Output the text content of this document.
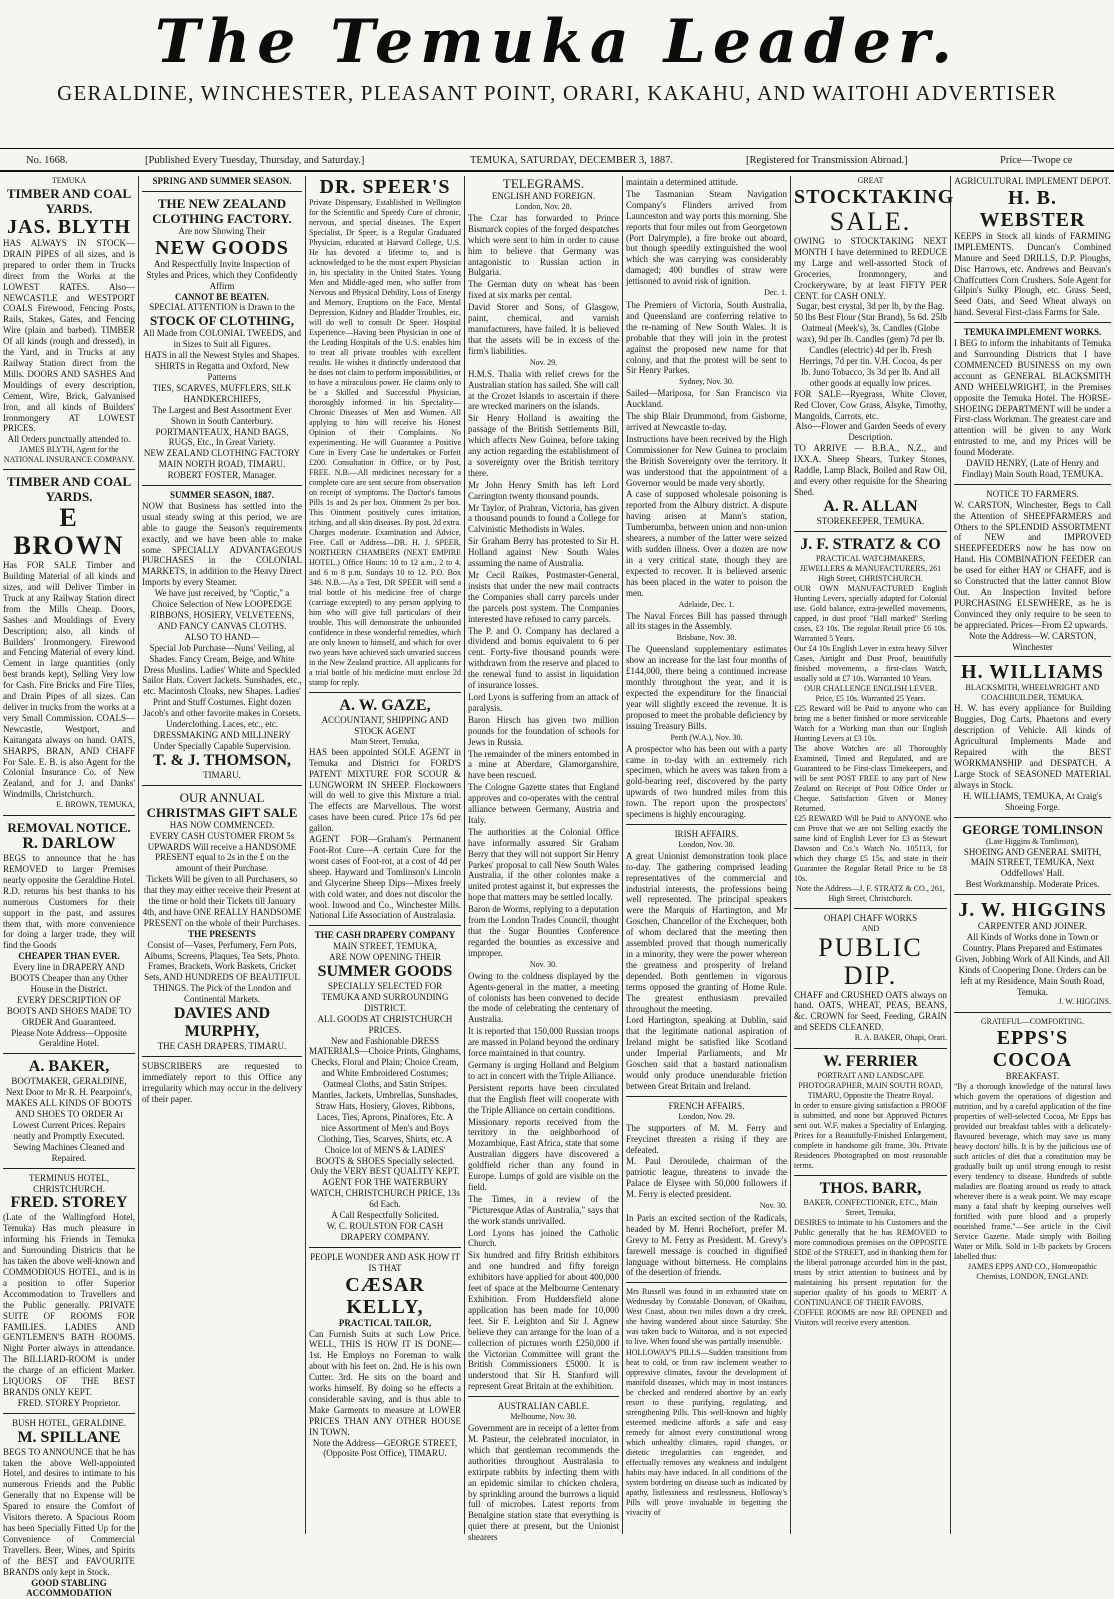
The Temuka Leader.
GERALDINE, WINCHESTER, PLEASANT POINT, ORARI, KAKAHU, AND WAITOHI ADVERTISER
No. 1668.	[Published Every Tuesday, Thursday, and Saturday.]	TEMUKA, SATURDAY, DECEMBER 3, 1887.	[Registered for Transmission Abroad.]	Price—Twope ce
TEMUKA
TIMBER AND COAL YARDS.
JAS. BLYTH
HAS ALWAYS IN STOCK—DRAIN PIPES of all sizes, and is prepared to order them in Trucks direct from the Works at the LOWEST RATES. Also—NEWCASTLE and WESTPORT COALS Firewood, Fencing Posts, Rails, Stakes, Gates, and Fencing Wire (plain and barbed). TIMBER Of all kinds (rough and dressed), in the Yard, and in Trucks at any Railway Station direct from the Mills. DOORS AND SASHES And Mouldings of every description, Cement, Wire, Brick, Galvanised Iron, and all kinds of Builders' Ironmongery AT LOWEST PRICES.
All Orders punctually attended to.
JAMES BLYTH, Agent for the NATIONAL INSURANCE COMPANY.
TIMBER AND COAL YARDS.
E BROWN
Has FOR SALE Timber and Building Material of all kinds and sizes, and will Deliver Timber in Truck at any Railway Station direct from the Mills Cheap. Doors, Sashes and Mouldings of Every Description; also, all kinds of Builders' Ironmongery. Firewood and Fencing Material of every kind. Cement in large quantities (only best brands kept), Selling Very low for Cash. Fire Bricks and Fire Tiles, and Drain Pipes of all sizes. Can deliver in trucks from the works at a very Small Commission. COALS—Newcastle, Westport, and Kaitangata always on hand. OATS, SHARPS, BRAN, AND CHAFF For Sale. E. B. is also Agent for the Colonial Insurance Co. of New Zealand, and for J. and Danks' Windmills, Christchurch.
E. BROWN, TEMUKA,
REMOVAL NOTICE.
R. DARLOW
BEGS to announce that he has REMOVED to larger Premises nearly opposite the Geraldine Hotel. R.D. returns his best thanks to his numerous Customers for their support in the past, and assures them that, with more convenience for doing a larger trade, they will find the Goods
CHEAPER THAN EVER.
Every line in DRAPERY AND BOOTS Cheaper than any Other House in the District.
EVERY DESCRIPTION OF BOOTS AND SHOES MADE TO ORDER And Guaranteed.
Please Note Address—Opposite Geraldine Hotel.
A. BAKER,
BOOTMAKER, GERALDINE, Next Door to Mr R. H. Pearpoint's, MAKES ALL KINDS OF BOOTS AND SHOES TO ORDER At Lowest Current Prices. Repairs neatly and Promptly Executed. Sewing Machines Cleaned and Repaired.
TERMINUS HOTEL, CHRISTCHURCH.
FRED. STOREY
(Late of the Wallingford Hotel, Temuka) Has much pleasure in informing his Friends in Temuka and Surrounding Districts that he has taken the above well-known and COMMODIOUS HOTEL, and is in a position to offer Superior Accommodation to Travellers and the Public generally. PRIVATE SUITE OF ROOMS FOR FAMILIES. LADIES AND GENTLEMEN'S BATH ROOMS. Night Porter always in attendance. The BILLIARD-ROOM is under the charge of an efficient Marker. LIQUORS OF THE BEST BRANDS ONLY KEPT.
FRED. STOREY Proprietor.
BUSH HOTEL, GERALDINE.
M. SPILLANE
BEGS TO ANNOUNCE that he has taken the above Well-appointed Hotel, and desires to intimate to his numerous Friends and the Public Generally that no Expense will be Spared to ensure the Comfort of Visitors thereto. A Spacious Room has been Specially Fitted Up for the Convenience of Commercial Travellers. Beer, Wines, and Spirits of the BEST and FAVOURITE BRANDS only kept in Stock.
GOOD STABLING ACCOMMODATION
SPRING AND SUMMER SEASON.
THE NEW ZEALAND CLOTHING FACTORY.
Are now Showing Their
NEW GOODS
And Respectfully Invite Inspection of Styles and Prices, which they Confidently Affirm
CANNOT BE BEATEN.
SPECIAL ATTENTION is Drawn to the
STOCK OF CLOTHING,
All Made from COLONIAL TWEEDS, and in Sizes to Suit all Figures.
HATS in all the Newest Styles and Shapes.
SHIRTS in Regatta and Oxford, New Patterns
TIES, SCARVES, MUFFLERS, SILK HANDKERCHIEFS,
The Largest and Best Assortment Ever Shown in South Canterbury.
PORTMANTEAUX, HAND BAGS, RUGS, Etc., In Great Variety.
NEW ZEALAND CLOTHING FACTORY
MAIN NORTH ROAD, TIMARU.
ROBERT FOSTER, Manager.
SUMMER SEASON, 1887.
NOW that Business has settled into the usual steady swing at this period, we are able to gauge the Season's requirements exactly, and we have been able to make some SPECIALLY ADVANTAGEOUS PURCHASES in the COLONIAL MARKETS, in addition to the Heavy Direct Imports by every Steamer.
We have just received, by "Coptic," a Choice Selection of New LOOPEDGE RIBBONS, HOSIERY, VELVETEENS, AND FANCY CANVAS CLOTHS.
ALSO TO HAND—
Special Job Purchase—Nuns' Veiling, al Shades. Fancy Cream, Beige, and White Dress Muslins. Ladies' White and Speckled Sailor Hats. Covert Jackets. Sunshades, etc., etc. Macintosh Cloaks, new Shapes. Ladies' Print and Stuff Costumes. Eight dozen Jacob's and other favorite makes in Corsets. Underclothing. Laces, etc., etc.
DRESSMAKING AND MILLINERY Under Specially Capable Supervision.
T. & J. THOMSON,
TIMARU.
OUR ANNUAL
CHRISTMAS GIFT SALE
HAS NOW COMMENCED.
EVERY CASH CUSTOMER FROM 5s UPWARDS Will receive a HANDSOME PRESENT equal to 2s in the £ on the amount of their Purchase.
Tickets Will be given to all Purchasers, so that they may either receive their Present at the time or hold their Tickets till January 4th, and have ONE REALLY HANDSOME PRESENT on the whole of their Purchases.
THE PRESENTS
Consist of—Vases, Perfumery, Fern Pots, Albums, Screens, Plaques, Tea Sets, Photo. Frames, Brackets, Work Baskets, Cricket Sets, AND HUNDREDS OF BEAUTIFUL THINGS. The Pick of the London and Continental Markets.
DAVIES AND MURPHY,
THE CASH DRAPERS, TIMARU.
SUBSCRIBERS are requested to immediately report to this Office any irregularity which may occur in the delivery of their paper.
DR. SPEER'S
Private Dispensary, Established in Wellington for the Scientific and Speedy Cure of chronic, nervous, and special diseases. The Expert Specialist, Dr Speer, is a Regular Graduated Physician, educated at Harvard College, U.S. He has devoted a lifetime to, and is acknowledged to be the most expert Physician in, his speciality in the United States. Young Men and Middle-aged men, who suffer from Nervous and Physical Debility, Loss of Energy and Memory, Eruptions on the Face, Mental Depression, Kidney and Bladder Troubles, etc, will do well to consult Dr Speer. Hospital Experience—Having been Physician in one of the Leading Hospitals of the U.S. enables him to treat all private troubles with excellent results. He wishes it distinctly understood that he does not claim to perform impossibilities, or to have a miraculous power. He claims only to be a Skilled and Successful Physician, thoroughly informed in his Speciality—Chronic Diseases of Men and Women. All applying to him will receive his Honest Opinion of their Complaints. No experimenting. He will Guarantee a Positive Cure in Every Case he undertakes or Forfeit £200. Consultation in Office, or by Post, FREE. N.B.—All medicines necessary for a complete cure are sent secure from observation on receipt of symptoms. The Doctor's famous Pills 1s and 2s per box. Ointment 2s per box. This Ointment positively cures irritation, itching, and all skin diseases. By post, 2d extra. Charges moderate. Examination and Advice, Free. Call or Address—DR. H. J. SPEER, NORTHERN CHAMBERS (NEXT EMPIRE HOTEL.) Office Hours: 10 to 12 a.m., 2 to 4, and 6 to 8 p.m. Sundays 10 to 12. P.O. Box 346. N.B.—As a Test, DR SPEER will send a trial bottle of his medicine free of charge (carriage excepted) to any person applying to him who will give full particulars of their trouble. This will demonstrate the unbounded confidence in these wonderful remedies, which are only known to himself, and which for over two years have achieved such unvaried success in the New Zealand practice. All applicants for a trial bottle of his medicine must enclose 2d stamp for reply.
A. W. GAZE,
ACCOUNTANT, SHIPPING AND STOCK AGENT
Main Street, Temuka,
HAS been appointed SOLE AGENT in Temuka and District for FORD'S PATENT MIXTURE FOR SCOUR & LUNGWORM IN SHEEP. Flockowners will do well to give this Mixture a trial. The effects are Marvellous. The worst cases have been cured. Price 17s 6d per gallon.
AGENT FOR—Graham's Permanent Foot-Rot Cure—A certain Cure for the worst cases of Foot-rot, at a cost of 4d per sheep. Hayward and Tomlinson's Lincoln and Glycerine Sheep Dips—Mixes freely with cold water, and does not discolor the wool. Inwood and Co., Winchester Mills. National Life Association of Australasia.
THE CASH DRAPERY COMPANY
MAIN STREET, TEMUKA,
ARE NOW OPENING THEIR
SUMMER GOODS
SPECIALLY SELECTED FOR TEMUKA AND SURROUNDING DISTRICT.
ALL GOODS AT CHRISTCHURCH PRICES.
New and Fashionable DRESS MATERIALS—Choice Prints, Ginghams, Checks, Floral and Plain; Choice Cream, and White Embroidered Costumes; Oatmeal Cloths, and Satin Stripes. Mantles, Jackets, Umbrellas, Sunshades, Straw Hats, Hosiery, Gloves, Ribbons, Laces, Ties, Aprons, Pinafores, Etc. A nice Assortment of Men's and Boys Clothing, Ties, Scarves, Shirts, etc. A Choice lot of MEN'S & LADIES' BOOTS & SHOES Specially selected. Only the VERY BEST QUALITY KEPT.
AGENT FOR THE WATERBURY WATCH, CHRISTCHURCH PRICE, 13s 6d Each.
A Call Respectfully Solicited.
W. C. ROULSTON FOR CASH DRAPERY COMPANY.
PEOPLE WONDER AND ASK HOW IT IS THAT
CÆSAR KELLY,
PRACTICAL TAILOR,
Can Furnish Suits at such Low Price. WELL, THIS IS HOW IT IS DONE—1st. He Employs no Foreman to walk about with his feet on. 2nd. He is his own Cutter. 3rd. He sits on the board and works himself. By doing so he effects a considerable saving, and is thus able to Make Garments to measure at LOWER PRICES THAN ANY OTHER HOUSE IN TOWN.
Note the Address—GEORGE STREET, (Opposite Post Office), TIMARU.
TELEGRAMS.
ENGLISH AND FOREIGN.
London, Nov. 28.

The Czar has forwarded to Prince Bismarck copies of the forged despatches which were sent to him in order to cause him to believe that Germany was antagonistic to Russian action in Bulgaria.

The German duty on wheat has been fixed at six marks per cental.

David Storer and Sons, of Glasgow, paint, chemical, and varnish manufacturers, have failed. It is believed that the assets will be in excess of the firm's liabilities.

Nov. 29.

H.M.S. Thalia with relief crews for the Australian station has sailed. She will call at the Crozet Islands to ascertain if there are wrecked mariners on the islands.

Sir Henry Holland is awaiting the passage of the British Settlements Bill, which affects New Guinea, before taking any action regarding the establishment of a sovereignty over the British territory there.

Mr John Henry Smith has left Lord Carrington twenty thousand pounds.

Mr Taylor, of Prahran, Victoria, has given a thousand pounds to found a College for Calvinistic Methodists in Wales.

Sir Graham Berry has protested to Sir H. Holland against New South Wales assuming the name of Australia.

Mr Cecil Raikes, Postmaster-General, insists that under the new mail contracts the Companies shall carry parcels under the parcels post system. The Companies interested have refused to carry parcels.

The P. and O. Company has declared a dividend and bonus equivalent to 6 per cent. Forty-five thousand pounds were withdrawn from the reserve and placed to the renewal fund to assist in liquidation of insurance losses.

Lord Lyons is suffering from an attack of paralysis.

Baron Hirsch has given two million pounds for the foundation of schools for Jews in Russia.

The remainder of the miners entombed in a mine at Aberdare, Glamorganshire, have been rescued.

The Cologne Gazette states that England approves and co-operates with the central alliance between Germany, Austria and Italy.

The authorities at the Colonial Office have informally assured Sir Graham Berry that they will not support Sir Henry Parkes' proposal to call New South Wales Australia, if the other colonies make a united protest against it, but expresses the hope that matters may be settled locally.

Baron de Worms, replying to a deputation from the London Trades Council, thought that the Sugar Bounties Conference regarded the bounties as excessive and improper.

Nov. 30.

Owing to the coldness displayed by the Agents-general in the matter, a meeting of colonists has been convened to decide the mode of celebrating the centenary of Australia.

It is reported that 150,000 Russian troops are massed in Poland beyond the ordinary force maintained in that country.

Germany is urging Holland and Belgium to act in concert with the Triple Alliance.

Persistent reports have been circulated that the English fleet will cooperate with the Triple Alliance on certain conditions.

Missionary reports received from the territory in the neighborhood of Mozambique, East Africa, state that some Australian diggers have discovered a goldfield richer than any found in Europe. Lumps of gold are visible on the field.

The Times, in a review of the "Picturesque Atlas of Australia," says that the work stands unrivalled.

Lord Lyons has joined the Catholic Church.

Six hundred and fifty British exhibitors and one hundred and fifty foreign exhibitors have applied for about 400,000 feet of space at the Melbourne Centenary Exhibition. From Huddersfield alone application has been made for 10,000 feet. Sir F. Leighton and Sir J. Agnew believe they can arrange for the loan of a collection of pictures worth £250,000 if the Victorian Committee will grant the British Commissioners £5000. It is understood that Sir H. Stanford will represent Great Britain at the exhibition.

AUSTRALIAN CABLE.
Melbourne, Nov. 30.

Government are in receipt of a letter from M. Pasteur, the celebrated inoculator, in which that gentleman recommends the authorities throughout Australasia to extirpate rabbits by infecting them with an epidemic similar to chicken cholera, by sprinkling around the burrows a liquid full of microbes. Latest reports from Benalgine station state that everything is quiet there at present, but the Unionist shearers

maintain a determined attitude.

The Tasmanian Steam Navigation Company's Flinders arrived from Launceston and way ports this morning. She reports that four miles out from Georgetown (Port Dalrymple), a fire broke out aboard, but though speedily extinguished the wool which she was carrying was considerably damaged; 400 bundles of straw were jettisoned to avoid risk of ignition.

Dec. 1.

The Premiers of Victoria, South Australia, and Queensland are conferring relative to the re-naming of New South Wales. It is probable that they will join in the protest against the proposed new name for that colony, and that the protest will be sent to Sir Henry Parkes.

Sydney, Nov. 30.

Sailed—Mariposa, for San Francisco via Auckland.

The ship Blair Drummond, from Gisborne, arrived at Newcastle to-day.

Instructions have been received by the High Commissioner for New Guinea to proclaim the British Sovereignty over the territory. It was understood that the appointment of a Governor would be made very shortly.

A case of supposed wholesale poisoning is reported from the Albury district. A dispute having arisen at Mann's station, Tumberumba, between union and non-union shearers, a number of the latter were seized with sudden illness. Over a dozen are now in a very critical state, though they are expected to recover. It is believed arsenic has been placed in the water to poison the men.

Adelaide, Dec. 1.

The Naval Forces Bill has passed through all its stages in the Assembly.

Brisbane, Nov. 30.

The Queensland supplementary estimates show an increase for the last four months of £144,000, there being a continued increase monthly throughout the year, and it is expected the expenditure for the financial year will slightly exceed the revenue. It is proposed to meet the probable deficiency by issuing Treasury Bills.

Perth (W.A.), Nov. 30.

A prospector who has been out with a party came in to-day with an extremely rich specimen, which he avers was taken from a gold-bearing reef, discovered by the party upwards of two hundred miles from this town. The report upon the prospectors' specimens is highly encouraging.

IRISH AFFAIRS.
London, Nov. 30.

A great Unionist demonstration took place to-day. The gathering comprised leading representatives of the commercial and industrial interests, the professions being well represented. The principal speakers were the Marquis of Hartington, and Mr Goschen, Chancellor of the Exchequer, both of whom declared that the meeting then assembled proved that though numerically in a minority, they were the power whereon the greatness and prosperity of Ireland depended. Both gentlemen in vigorous terms opposed the granting of Home Rule. The greatest enthusiasm prevailed throughout the meeting.

Lord Hartington, speaking at Dublin, said that the legitimate national aspiration of Ireland might be satisfied like Scotland under Imperial Parliaments, and Mr Goschen said that a bastard nationalism would only produce unendurable friction between Great Britain and Ireland.

FRENCH AFFAIRS.
London, Nov. 29.

The supporters of M. M. Ferry and Freycinet threaten a rising if they are defeated.

M. Paul Deroulede, chairman of the patriotic league, threatens to invade the Palace de Elysee with 50,000 followers if M. Ferry is elected president.

Nov. 30.

In Paris an excited section of the Radicals, headed by M. Henri Rochefort, prefer M. Grevy to M. Ferry as President. M. Grevy's farewell message is couched in dignified language without bitterness. He complains of the desertion of friends.

Mrs Russell was found in an exhausted state on Wednesday by Constable Donovan, of Okaihau, West Coast, about two miles down a dry creek, she having wandered about since Saturday. She was taken back to Waitaroa, and is not expected to live. When found she was partially insensible.

HOLLOWAY'S PILLS—Sudden transitions from heat to cold, or from raw inclement weather to oppressive climates, favour the development of manifold diseases, which may in most instances be checked and rendered abortive by an early resort to these purifying, regulating, and strengthening Pills. This well-known and highly esteemed medicine affords a safe and easy remedy for almost every constitutional wrong which unhealthy climates, rapid changes, or dietetic irregularities can engender, and effectually removes any weakness and indulgent habits may have induced. In all conditions of the system bordering on disease such as indicated by apathy, listlessness and restlessness, Holloway's Pills will prove invaluable in begetting the vivacity of

GREAT
STOCKTAKING
SALE.
OWING to STOCKTAKING NEXT MONTH I have determined to REDUCE my Large and well-assorted Stock of Groceries, Ironmongery, and Crockeryware, by at least FIFTY PER CENT. for CASH ONLY.
Sugar, best crystal, 3d per lb, by the Bag. 50 lbs Best Flour (Star Brand), 5s 6d. 25lb Oatmeal (Meek's), 3s. Candles (Globe wax), 9d per lb. Candles (gem) 7d per lb. Candles (electric) 4d per lb. Fresh Herrings, 7d per tin. V.H. Cocoa, 4s per lb. Juno Tobacco, 3s 3d per lb. And all other goods at equally low prices.
FOR SALE—Ryegrass, White Clover, Red Clover, Cow Grass, Alsyke, Timothy, Mangolds, Carrots, etc.
Also—Flower and Garden Seeds of every Description.
TO ARRIVE — B.B.A., N.Z., and IXX.A. Sheep Shears, Turkey Stones, Raddle, Lamp Black, Boiled and Raw Oil, and every other requisite for the Shearing Shed.
A. R. ALLAN
STOREKEEPER, TEMUKA.
J. F. STRATZ & CO
PRACTICAL WATCHMAKERS, JEWELLERS & MANUFACTURERS, 261 High Street, CHRISTCHURCH.
OUR OWN MANUFACTURED English Hunting Levers, specially adapted for Colonial use. Gold balance, extra-jewelled movements, capped, in dust proof "Hall marked" Sterling cases, £3 10s. The regular Retail price £6 10s. Warranted 5 Years.
Our £4 10s English Lever in extra heavy Silver Cases, Airtight and Dust Proof, beautifully finished movements, a first-class Watch, usually sold at £7 10s. Warranted 10 Years.
OUR CHALLENGE ENGLISH LEVER. Price, £5 10s. Warranted 25 Years.
£25 Reward will be Paid to anyone who can bring me a better finished or more serviceable Watch for a Working man than our English Hunting Levers at £3 10s.
The above Watches are all Thoroughly Examined, Timed and Regulated, and are Guaranteed to be First-class Timekeepers, and will be sent POST FREE to any part of New Zealand on Receipt of Post Office Order or Cheque. Satisfaction Given or Money Returned.
£25 REWARD Will be Paid to ANYONE who can Prove that we are not Selling exactly the same kind of English Lever for £3 as Stewart Dawson and Co.'s Watch No. 105113, for which they charge £5 15s, and state in their Guarantee the Regular Retail Price to be £8 10s.
Note the Address—J. F. STRATZ & CO., 261, High Street, Christchurch.
OHAPI CHAFF WORKS
AND
PUBLIC DIP.
CHAFF and CRUSHED OATS always on hand. OATS, WHEAT, PEAS, BEANS, &c. CROWN for Seed, Feeding, GRAIN and SEEDS CLEANED.
R. A. BAKER, Ohapi, Orari.
W. FERRIER
PORTRAIT AND LANDSCAPE PHOTOGRAPHER, MAIN SOUTH ROAD, TIMARU, Opposite the Theatre Royal.
In order to ensure giving satisfaction a PROOF is submitted, and none but Approved Pictures sent out. W.F. makes a Speciality of Enlarging. Prices for a Beautifully-Finished Enlargement, complete in handsome gilt frame, 30s. Private Residences Photographed on most reasonable terms.
THOS. BARR,
BAKER, CONFECTIONER, ETC., Main Street, Temuka,
DESIRES to intimate to his Customers and the Public generally that he has REMOVED to more commodious premises on the OPPOSITE SIDE of the STREET, and in thanking them for the liberal patronage accorded him in the past, trusts by strict attention to business and by maintaining his present reputation for the superior quality of his goods to MERIT A CONTINUANCE OF THEIR FAVORS.
COFFEE ROOMS are now RE OPENED and Visitors will receive every attention.
AGRICULTURAL IMPLEMENT DEPOT.
H. B. WEBSTER
KEEPS in Stock all kinds of FARMING IMPLEMENTS. Duncan's Combined Manure and Seed DRILLS, D.P. Ploughs, Disc Harrows, etc. Andrews and Beavan's Chaffcutters Corn Crushers. Sole Agent for Gilpin's Sulky Plough, etc. Grass Seed, Seed Oats, and Seed Wheat always on hand. Several First-class Farms for Sale.
TEMUKA IMPLEMENT WORKS.
I BEG to inform the inhabitants of Temuka and Surrounding Districts that I have COMMENCED BUSINESS on my own account as GENERAL BLACKSMITH AND WHEELWRIGHT, in the Premises opposite the Temuka Hotel. The HORSE-SHOEING DEPARTMENT will be under a First-class Workman. The greatest care and attention will be given to any Work entrusted to me, and my Prices will be found Moderate.
DAVID HENRY, (Late of Henry and Findlay) Main South Road, TEMUKA.
NOTICE TO FARMERS.
W. CARSTON, Winchester, Begs to Call the Attention of SHEEPFARMERS and Others to the SPLENDID ASSORTMENT of NEW and IMPROVED SHEEPFEEDERS now he has now on Hand. His COMBINATION FEEDER can be used for either HAY or CHAFF, and is so Constructed that the latter cannot Blow Out. An Inspection Invited before PURCHASING ELSEWHERE, as he is Convinced they only require to be seen to be appreciated. Prices—From £2 upwards.
Note the Address—W. CARSTON, Winchester
H. WILLIAMS
BLACKSMITH, WHEELWRIGHT AND COACHBUILDER, TEMUKA.
H. W. has every appliance for Building Buggies, Dog Carts, Phaetons and every description of Vehicle. All kinds of Agricultural Implements Made and Repaired with the BEST WORKMANSHIP and DESPATCH. A Large Stock of SEASONED MATERIAL always in Stock.
H. WILLIAMS, TEMUKA, At Craig's Shoeing Forge.
GEORGE TOMLINSON
(Late Higgins & Tomlinson),
SHOEING AND GENERAL SMITH, MAIN STREET, TEMUKA, Next Oddfellows' Hall.
Best Workmanship. Moderate Prices.
J. W. HIGGINS
CARPENTER AND JOINER.
All Kinds of Works done in Town or Country. Plans Prepared and Estimates Given, Jobbing Work of All Kinds, and All Kinds of Coopering Done. Orders can be left at my Residence, Main South Road, Temuka.
J. W. HIGGINS.
GRATEFUL—COMFORTING.
EPPS'S COCOA
BREAKFAST.
"By a thorough knowledge of the natural laws which govern the operations of digestion and nutrition, and by a careful application of the fine properties of well-selected Cocoa, Mr Epps has provided our breakfast tables with a delicately-flavoured beverage, which may save us many heavy doctors' bills. It is by the judicious use of such articles of diet that a constitution may be gradually built up until strong enough to resist every tendency to disease. Hundreds of subtle maladies are floating around us ready to attack wherever there is a weak point. We may escape many a fatal shaft by keeping ourselves well fortified with pure blood and a properly nourished frame."—See article in the Civil Service Gazette. Made simply with Boiling Water or Milk. Sold in 1-lb packets by Grocers labelled thus:
JAMES EPPS AND CO., Homœopathic Chemists, LONDON, ENGLAND.
